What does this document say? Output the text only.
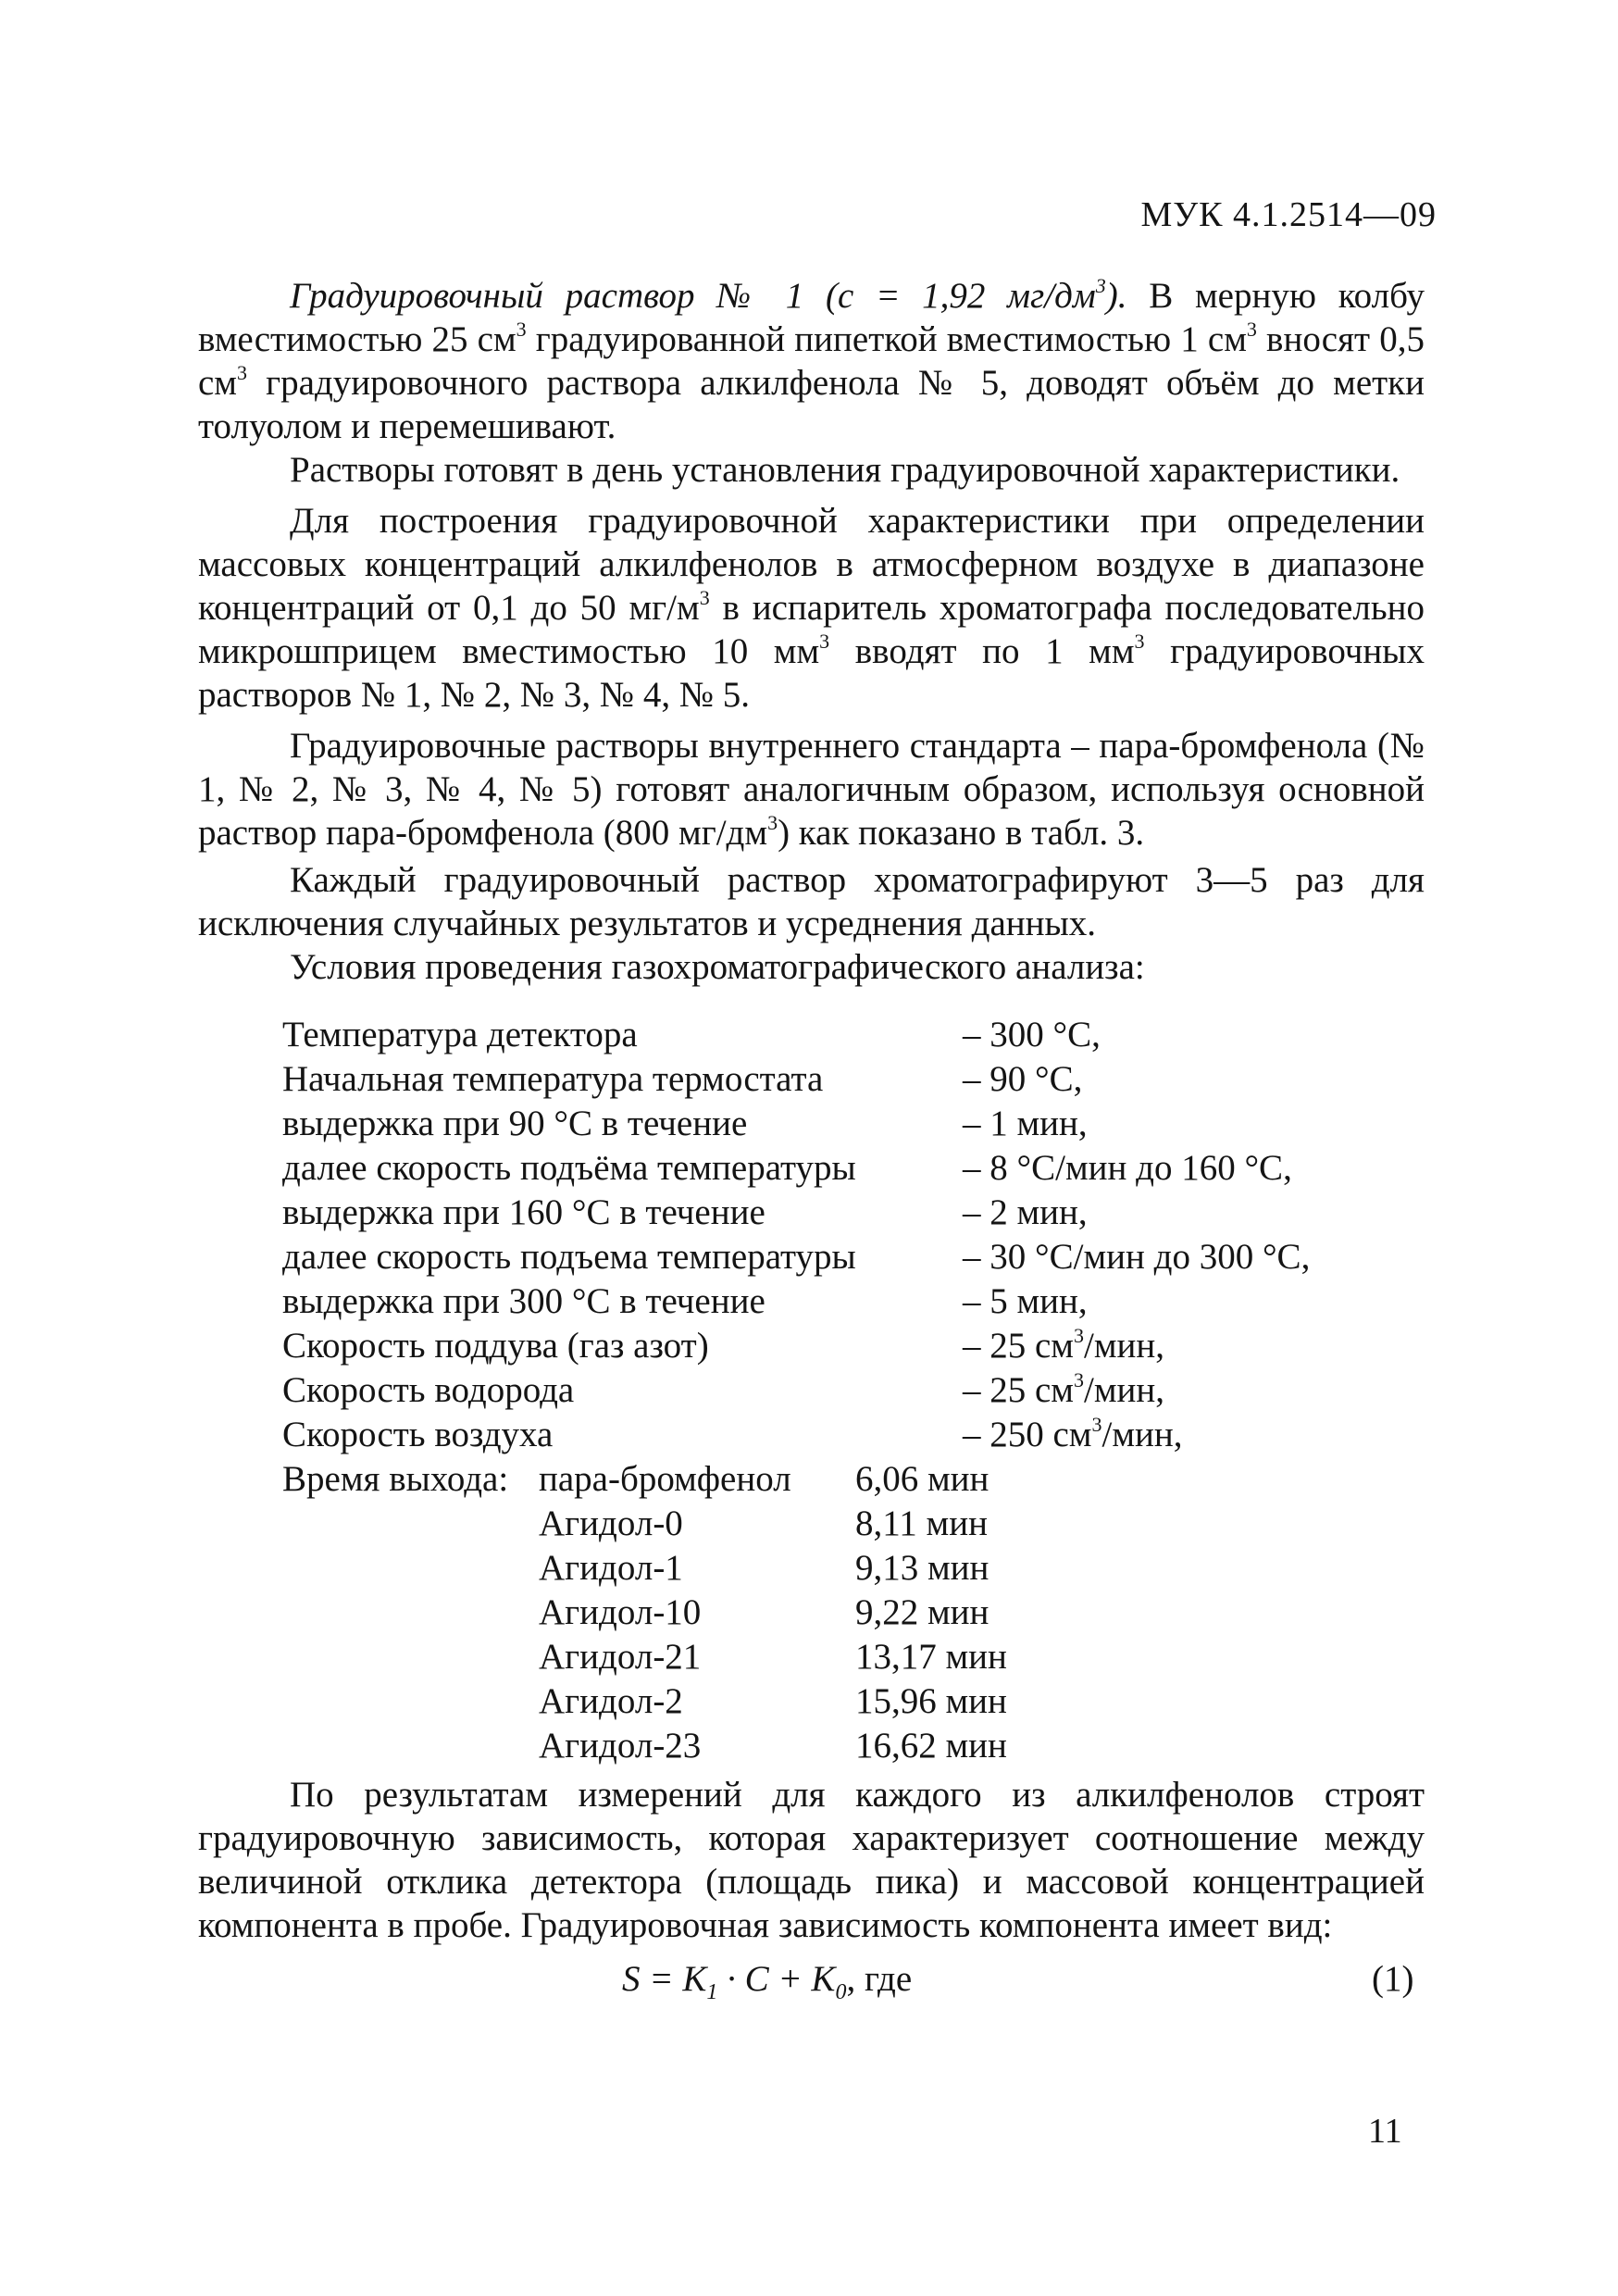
МУК 4.1.2514—09

Градуировочный раствор № 1 (с = 1,92 $мг/дм^3$). В мерную колбу вместимостью 25 $см^3$ градуированной пипеткой вместимостью 1 $см^3$ вносят 0,5 $см^3$ градуировочного раствора алкилфенола № 5, доводят объём до метки толуолом и перемешивают.

Растворы готовят в день установления градуировочной характеристики.

Для построения градуировочной характеристики при определении массовых концентраций алкилфенолов в атмосферном воздухе в диапазоне концентраций от 0,1 до 50 $мг/м^3$ в испаритель хроматографа последовательно микрошприцем вместимостью 10 $мм^3$ вводят по 1 $мм^3$ градуировочных растворов № 1, № 2, № 3, № 4, № 5.

Градуировочные растворы внутреннего стандарта – пара-бромфенола (№ 1, № 2, № 3, № 4, № 5) готовят аналогичным образом, используя основной раствор пара-бромфенола (800 $мг/дм^3$) как показано в табл. 3.

Каждый градуировочный раствор хроматографируют 3—5 раз для исключения случайных результатов и усреднения данных.

Условия проведения газохроматографического анализа:

Температура детектора	– 300 °С,
Начальная температура термостата	– 90 °С,
выдержка при 90 °С в течение	– 1 мин,
далее скорость подъёма температуры	– 8 °С/мин до 160 °С,
выдержка при 160 °С в течение	– 2 мин,
далее скорость подъема температуры	– 30 °С/мин до 300 °С,
выдержка при 300 °С в течение	– 5 мин,
Скорость поддува (газ азот)	– 25 $см^3$/мин,
Скорость водорода	– 25 $см^3$/мин,
Скорость воздуха	– 250 $см^3$/мин,
Время выхода: пара-бромфенол 6,06 мин
Агидол-0	8,11 мин
Агидол-1	9,13 мин
Агидол-10	9,22 мин
Агидол-21	13,17 мин
Агидол-2	15,96 мин
Агидол-23	16,62 мин

По результатам измерений для каждого из алкилфенолов строят градуировочную зависимость, которая характеризует соотношение между величиной отклика детектора (площадь пика) и массовой концентрацией компонента в пробе. Градуировочная зависимость компонента имеет вид:

$S = K_1 \cdot C + K_0$, где	(1)
11
